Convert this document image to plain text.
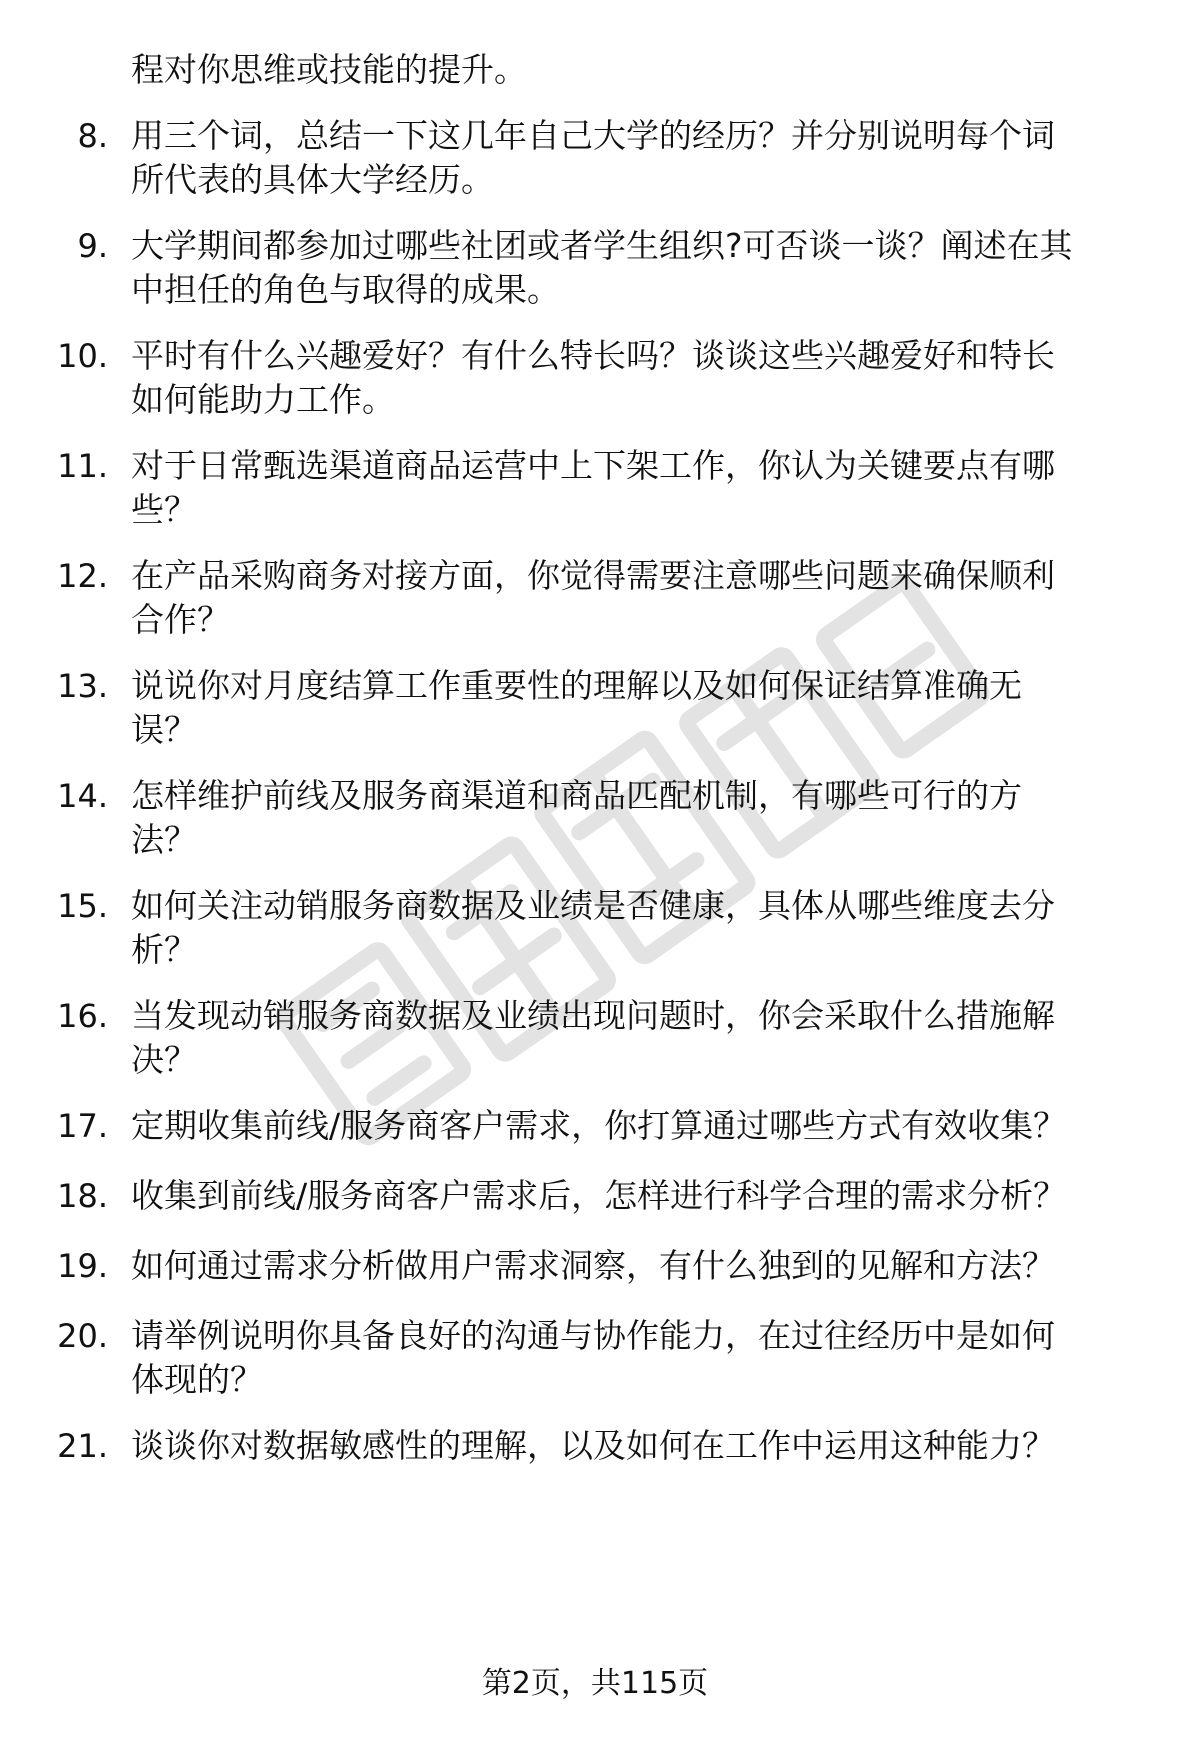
程对你思维或技能的提升。
8. 用三个词，总结一下这几年自己大学的经历？并分别说明每个词
所代表的具体大学经历。
9. 大学期间都参加过哪些社团或者学生组织?可否谈一谈？阐述在其
中担任的角色与取得的成果。
10. 平时有什么兴趣爱好？有什么特长吗？谈谈这些兴趣爱好和特长
如何能助力工作。
11. 对于日常甄选渠道商品运营中上下架工作，你认为关键要点有哪
些？
12. 在产品采购商务对接方面，你觉得需要注意哪些问题来确保顺利
合作？
13. 说说你对月度结算工作重要性的理解以及如何保证结算准确无
误？
14. 怎样维护前线及服务商渠道和商品匹配机制，有哪些可行的方
法？
15. 如何关注动销服务商数据及业绩是否健康，具体从哪些维度去分
析？
16. 当发现动销服务商数据及业绩出现问题时，你会采取什么措施解
决？
17. 定期收集前线/服务商客户需求，你打算通过哪些方式有效收集？
18. 收集到前线/服务商客户需求后，怎样进行科学合理的需求分析？
19. 如何通过需求分析做用户需求洞察，有什么独到的见解和方法？
20. 请举例说明你具备良好的沟通与协作能力，在过往经历中是如何
体现的？
21. 谈谈你对数据敏感性的理解，以及如何在工作中运用这种能力？
第2页，共115页
